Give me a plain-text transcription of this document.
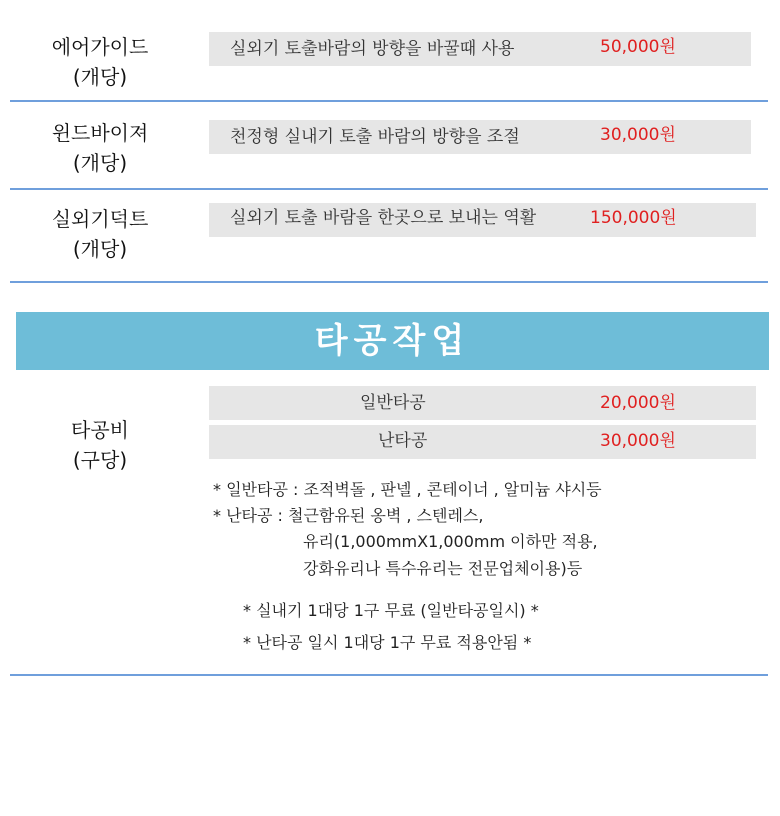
에어가이드
(개당)
실외기 토출바람의 방향을 바꿀때 사용	50,000원
윈드바이져
(개당)
천정형 실내기 토출 바람의 방향을 조절	30,000원
실외기덕트
(개당)
실외기 토출 바람을 한곳으로 보내는 역활	150,000원
타공작업
타공비
(구당)
일반타공	20,000원
난타공	30,000원
* 일반타공 : 조적벽돌 , 판넬 , 콘테이너 , 알미늄 샤시등
* 난타공 : 철근함유된 옹벽 , 스텐레스,
유리(1,000mmX1,000mm 이하만 적용,
강화유리나 특수유리는 전문업체이용)등
* 실내기 1대당 1구 무료 (일반타공일시) *
* 난타공 일시 1대당 1구 무료 적용안됨 *
